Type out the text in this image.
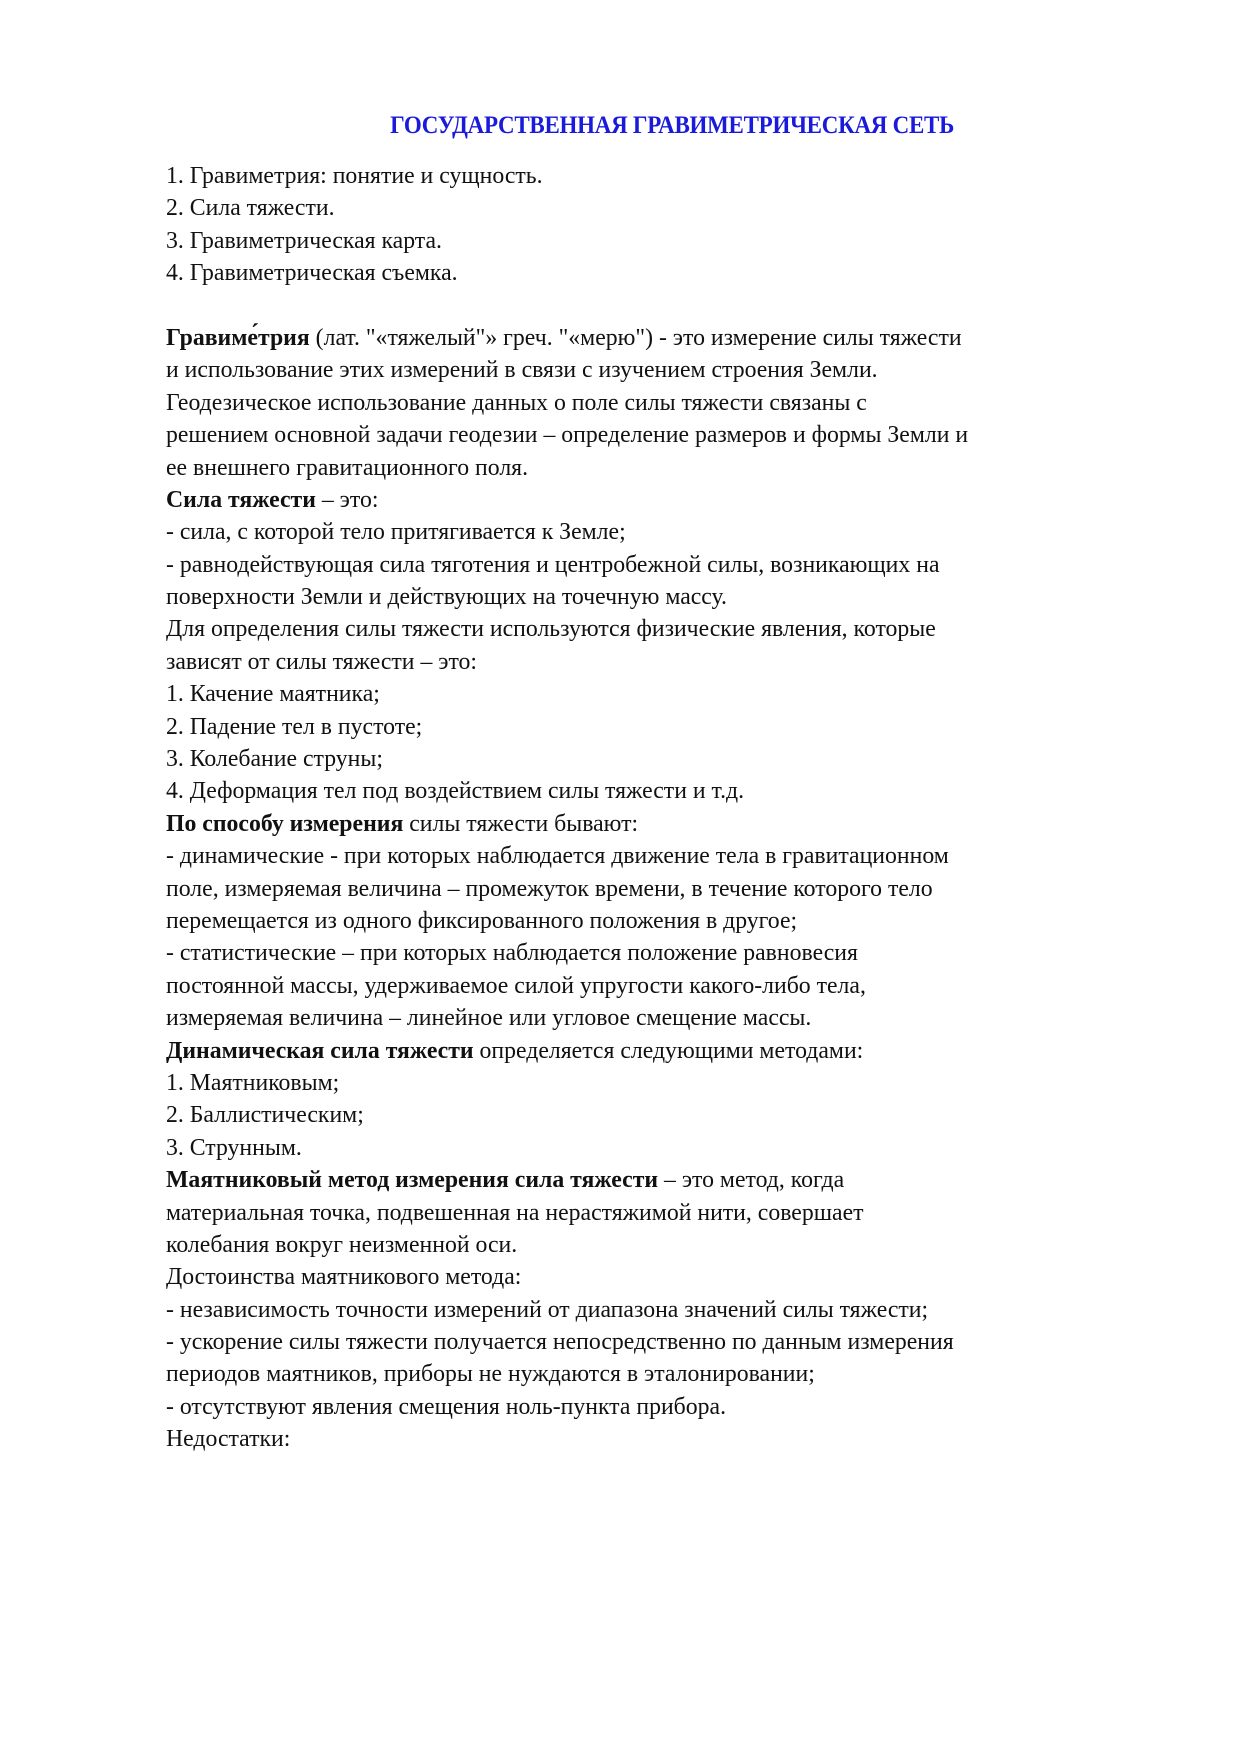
ГОСУДАРСТВЕННАЯ ГРАВИМЕТРИЧЕСКАЯ СЕТЬ
1. Гравиметрия: понятие и сущность.
2. Сила тяжести.
3. Гравиметрическая карта.
4. Гравиметрическая съемка.
Гравиме́трия (лат. "«тяжелый"» греч. "«мерю") - это измерение силы тяжести
и использование этих измерений в связи с изучением строения Земли.
Геодезическое использование данных о поле силы тяжести связаны с
решением основной задачи геодезии – определение размеров и формы Земли и
ее внешнего гравитационного поля.
Сила тяжести – это:
- сила, с которой тело притягивается к Земле;
- равнодействующая сила тяготения и центробежной силы, возникающих на
поверхности Земли и действующих на точечную массу.
Для определения силы тяжести используются физические явления, которые
зависят от силы тяжести – это:
1. Качение маятника;
2. Падение тел в пустоте;
3. Колебание струны;
4. Деформация тел под воздействием силы тяжести и т.д.
По способу измерения силы тяжести бывают:
- динамические - при которых наблюдается движение тела в гравитационном
поле, измеряемая величина – промежуток времени, в течение которого тело
перемещается из одного фиксированного положения в другое;
- статистические – при которых наблюдается положение равновесия
постоянной массы, удерживаемое силой упругости какого-либо тела,
измеряемая величина – линейное или угловое смещение массы.
Динамическая сила тяжести определяется следующими методами:
1. Маятниковым;
2. Баллистическим;
3. Струнным.
Маятниковый метод измерения сила тяжести – это метод, когда
материальная точка, подвешенная на нерастяжимой нити, совершает
колебания вокруг неизменной оси.
Достоинства маятникового метода:
- независимость точности измерений от диапазона значений силы тяжести;
- ускорение силы тяжести получается непосредственно по данным измерения
периодов маятников, приборы не нуждаются в эталонировании;
- отсутствуют явления смещения ноль-пункта прибора.
Недостатки:
